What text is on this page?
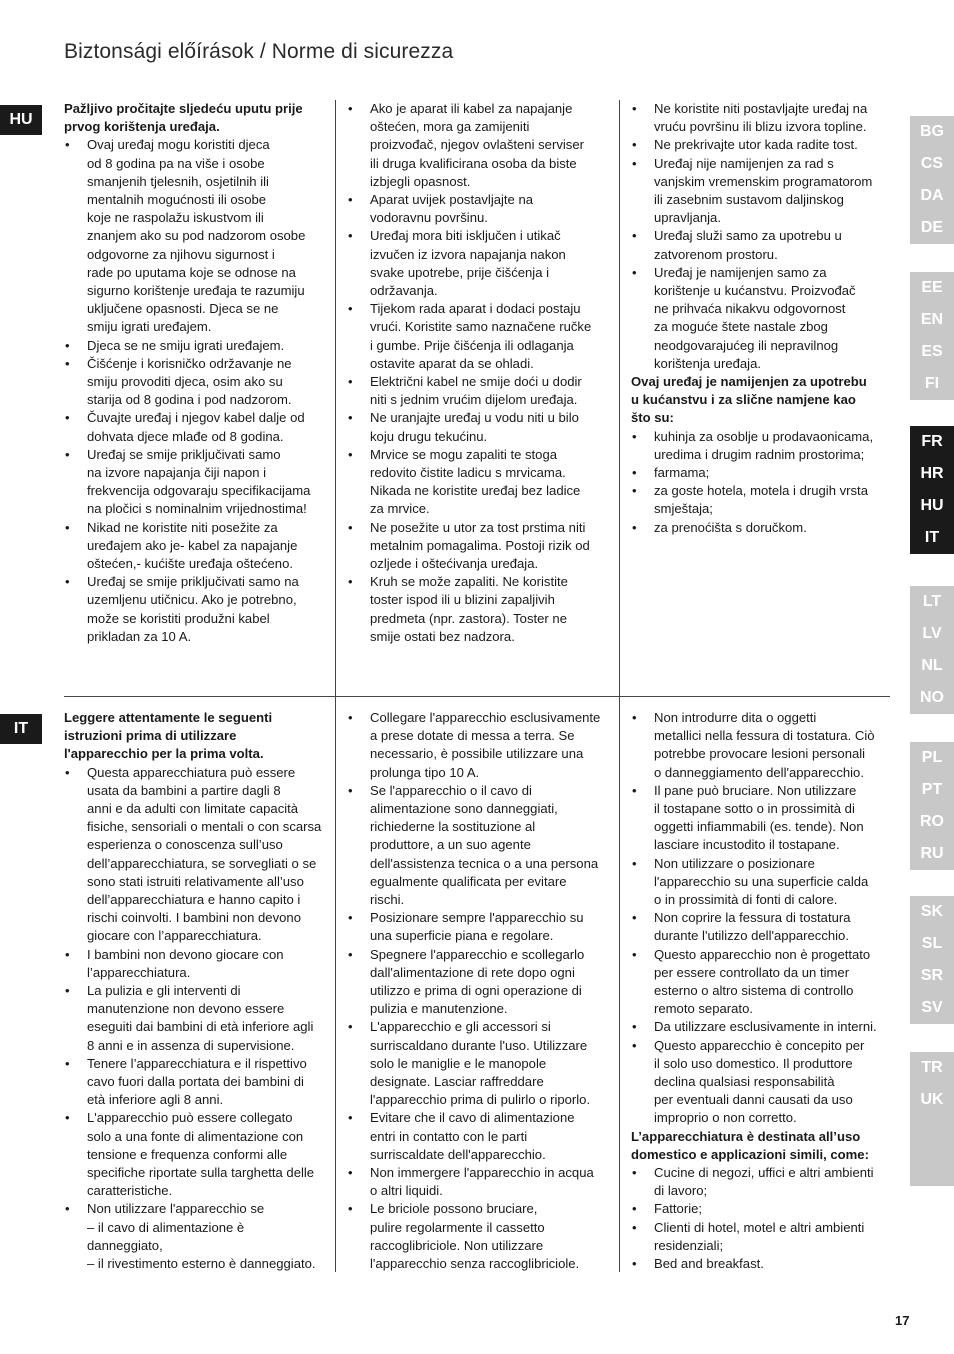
Biztonsági előírások / Norme di sicurezza
HU

Pažljivo pročitajte sljedeću uputu prije
prvog korištenja uređaja.

• Ovaj uređaj mogu koristiti djeca
od 8 godina pa na više i osobe
smanjenih tjelesnih, osjetilnih ili
mentalnih mogućnosti ili osobe
koje ne raspolažu iskustvom ili
znanjem ako su pod nadzorom osobe
odgovorne za njihovu sigurnost i
rade po uputama koje se odnose na
sigurno korištenje uređaja te razumiju
uključene opasnosti. Djeca se ne
smiju igrati uređajem.
• Djeca se ne smiju igrati uređajem.
• Čišćenje i korisničko održavanje ne
smiju provoditi djeca, osim ako su
starija od 8 godina i pod nadzorom.
• Čuvajte uređaj i njegov kabel dalje od
dohvata djece mlađe od 8 godina.
• Uređaj se smije priključivati samo
na izvore napajanja čiji napon i
frekvencija odgovaraju specifikacijama
na pločici s nominalnim vrijednostima!
• Nikad ne koristite niti posežite za
uređajem ako je- kabel za napajanje
oštećen,- kućište uređaja oštećeno.
• Uređaj se smije priključivati samo na
uzemljenu utičnicu. Ako je potrebno,
može se koristiti produžni kabel
prikladan za 10 A.
• Ako je aparat ili kabel za napajanje
oštećen, mora ga zamijeniti
proizvođač, njegov ovlašteni serviser
ili druga kvalificirana osoba da biste
izbjegli opasnost.
• Aparat uvijek postavljajte na
vodoravnu površinu.
• Uređaj mora biti isključen i utikač
izvučen iz izvora napajanja nakon
svake upotrebe, prije čišćenja i
održavanja.
• Tijekom rada aparat i dodaci postaju
vrući. Koristite samo naznačene ručke
i gumbe. Prije čišćenja ili odlaganja
ostavite aparat da se ohladi.
• Električni kabel ne smije doći u dodir
niti s jednim vrućim dijelom uređaja.
• Ne uranjajte uređaj u vodu niti u bilo
koju drugu tekućinu.
• Mrvice se mogu zapaliti te stoga
redovito čistite ladicu s mrvicama.
Nikada ne koristite uređaj bez ladice
za mrvice.
• Ne posežite u utor za tost prstima niti
metalnim pomagalima. Postoji rizik od
ozljede i oštećivanja uređaja.
• Kruh se može zapaliti. Ne koristite
toster ispod ili u blizini zapaljivih
predmeta (npr. zastora). Toster ne
smije ostati bez nadzora.
• Ne koristite niti postavljajte uređaj na
vruću površinu ili blizu izvora topline.
• Ne prekrivajte utor kada radite tost.
• Uređaj nije namijenjen za rad s
vanjskim vremenskim programatorom
ili zasebnim sustavom daljinskog
upravljanja.
• Uređaj služi samo za upotrebu u
zatvorenom prostoru.
• Uređaj je namijenjen samo za
korištenje u kućanstvu. Proizvođač
ne prihvaća nikakvu odgovornost
za moguće štete nastale zbog
neodgovarajućeg ili nepravilnog
korištenja uređaja.

Ovaj uređaj je namijenjen za upotrebu
u kućanstvu i za slične namjene kao
što su:

• kuhinja za osoblje u prodavaonicama,
uredima i drugim radnim prostorima;
• farmama;
• za goste hotela, motela i drugih vrsta
smještaja;
• za prenoćišta s doručkom.
IT

Leggere attentamente le seguenti
istruzioni prima di utilizzare
l'apparecchio per la prima volta.

• Questa apparecchiatura può essere
usata da bambini a partire dagli 8
anni e da adulti con limitate capacità
fisiche, sensoriali o mentali o con scarsa
esperienza o conoscenza sull’uso
dell’apparecchiatura, se sorvegliati o se
sono stati istruiti relativamente all’uso
dell’apparecchiatura e hanno capito i
rischi coinvolti. I bambini non devono
giocare con l’apparecchiatura.
• I bambini non devono giocare con
l’apparecchiatura.
• La pulizia e gli interventi di
manutenzione non devono essere
eseguiti dai bambini di età inferiore agli
8 anni e in assenza di supervisione.
• Tenere l’apparecchiatura e il rispettivo
cavo fuori dalla portata dei bambini di
età inferiore agli 8 anni.
• L'apparecchio può essere collegato
solo a una fonte di alimentazione con
tensione e frequenza conformi alle
specifiche riportate sulla targhetta delle
caratteristiche.
• Non utilizzare l'apparecchio se
– il cavo di alimentazione è
danneggiato,
– il rivestimento esterno è danneggiato.
• Collegare l'apparecchio esclusivamente
a prese dotate di messa a terra. Se
necessario, è possibile utilizzare una
prolunga tipo 10 A.
• Se l'apparecchio o il cavo di
alimentazione sono danneggiati,
richiederne la sostituzione al
produttore, a un suo agente
dell'assistenza tecnica o a una persona
egualmente qualificata per evitare
rischi.
• Posizionare sempre l'apparecchio su
una superficie piana e regolare.
• Spegnere l'apparecchio e scollegarlo
dall'alimentazione di rete dopo ogni
utilizzo e prima di ogni operazione di
pulizia e manutenzione.
• L'apparecchio e gli accessori si
surriscaldano durante l'uso. Utilizzare
solo le maniglie e le manopole
designate. Lasciar raffreddare
l'apparecchio prima di pulirlo o riporlo.
• Evitare che il cavo di alimentazione
entri in contatto con le parti
surriscaldate dell'apparecchio.
• Non immergere l'apparecchio in acqua
o altri liquidi.
• Le briciole possono bruciare,
pulire regolarmente il cassetto
raccoglibriciole. Non utilizzare
l'apparecchio senza raccoglibriciole.
• Non introdurre dita o oggetti
metallici nella fessura di tostatura. Ciò
potrebbe provocare lesioni personali
o danneggiamento dell'apparecchio.
• Il pane può bruciare. Non utilizzare
il tostapane sotto o in prossimità di
oggetti infiammabili (es. tende). Non
lasciare incustodito il tostapane.
• Non utilizzare o posizionare
l'apparecchio su una superficie calda
o in prossimità di fonti di calore.
• Non coprire la fessura di tostatura
durante l'utilizzo dell'apparecchio.
• Questo apparecchio non è progettato
per essere controllato da un timer
esterno o altro sistema di controllo
remoto separato.
• Da utilizzare esclusivamente in interni.
• Questo apparecchio è concepito per
il solo uso domestico. Il produttore
declina qualsiasi responsabilità
per eventuali danni causati da uso
improprio o non corretto.

L’apparecchiatura è destinata all’uso
domestico e applicazioni simili, come:

• Cucine di negozi, uffici e altri ambienti
di lavoro;
• Fattorie;
• Clienti di hotel, motel e altri ambienti
residenziali;
• Bed and breakfast.
BG
CS
DA
DE
EE
EN
ES
FI
FR
HR
HU
IT
LT
LV
NL
NO
PL
PT
RO
RU
SK
SL
SR
SV
TR
UK
17
